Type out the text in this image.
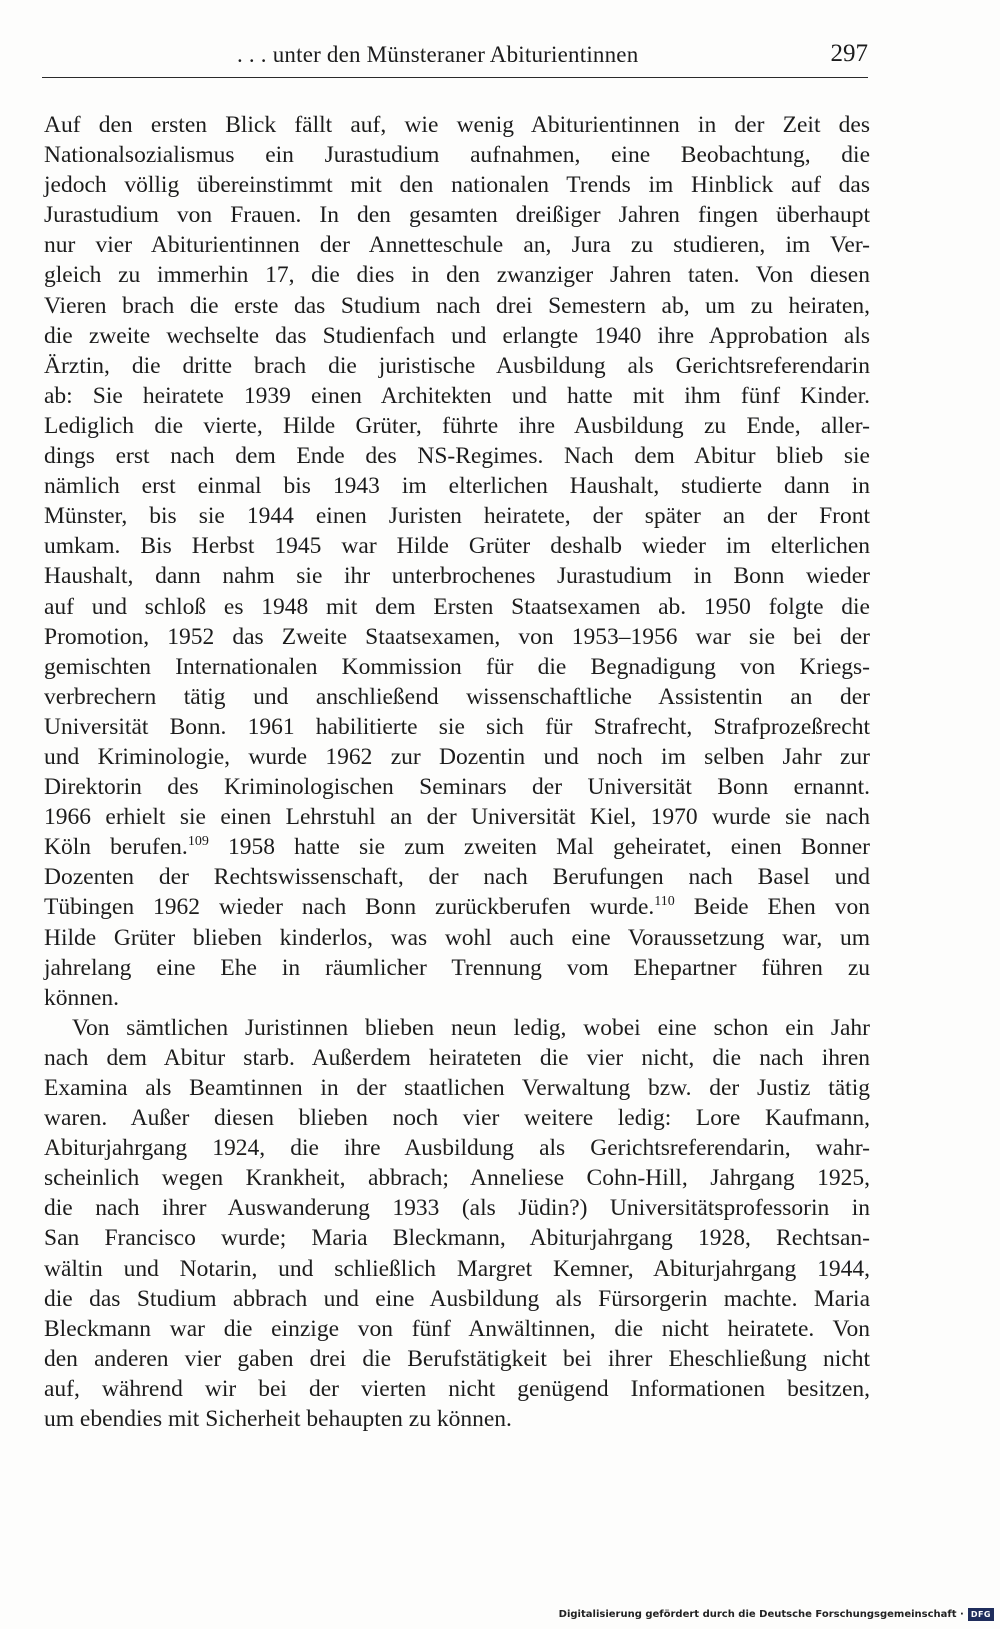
. . . unter den Münsteraner Abiturientinnen	297
Auf den ersten Blick fällt auf, wie wenig Abiturientinnen in der Zeit des
Nationalsozialismus ein Jurastudium aufnahmen, eine Beobachtung, die
jedoch völlig übereinstimmt mit den nationalen Trends im Hinblick auf das
Jurastudium von Frauen. In den gesamten dreißiger Jahren fingen überhaupt
nur vier Abiturientinnen der Annetteschule an, Jura zu studieren, im Ver-
gleich zu immerhin 17, die dies in den zwanziger Jahren taten. Von diesen
Vieren brach die erste das Studium nach drei Semestern ab, um zu heiraten,
die zweite wechselte das Studienfach und erlangte 1940 ihre Approbation als
Ärztin, die dritte brach die juristische Ausbildung als Gerichtsreferendarin
ab: Sie heiratete 1939 einen Architekten und hatte mit ihm fünf Kinder.
Lediglich die vierte, Hilde Grüter, führte ihre Ausbildung zu Ende, aller-
dings erst nach dem Ende des NS-Regimes. Nach dem Abitur blieb sie
nämlich erst einmal bis 1943 im elterlichen Haushalt, studierte dann in
Münster, bis sie 1944 einen Juristen heiratete, der später an der Front
umkam. Bis Herbst 1945 war Hilde Grüter deshalb wieder im elterlichen
Haushalt, dann nahm sie ihr unterbrochenes Jurastudium in Bonn wieder
auf und schloß es 1948 mit dem Ersten Staatsexamen ab. 1950 folgte die
Promotion, 1952 das Zweite Staatsexamen, von 1953–1956 war sie bei der
gemischten Internationalen Kommission für die Begnadigung von Kriegs-
verbrechern tätig und anschließend wissenschaftliche Assistentin an der
Universität Bonn. 1961 habilitierte sie sich für Strafrecht, Strafprozeßrecht
und Kriminologie, wurde 1962 zur Dozentin und noch im selben Jahr zur
Direktorin des Kriminologischen Seminars der Universität Bonn ernannt.
1966 erhielt sie einen Lehrstuhl an der Universität Kiel, 1970 wurde sie nach
Köln berufen.$^{109}$ 1958 hatte sie zum zweiten Mal geheiratet, einen Bonner
Dozenten der Rechtswissenschaft, der nach Berufungen nach Basel und
Tübingen 1962 wieder nach Bonn zurückberufen wurde.$^{110}$ Beide Ehen von
Hilde Grüter blieben kinderlos, was wohl auch eine Voraussetzung war, um
jahrelang eine Ehe in räumlicher Trennung vom Ehepartner führen zu
können.
Von sämtlichen Juristinnen blieben neun ledig, wobei eine schon ein Jahr
nach dem Abitur starb. Außerdem heirateten die vier nicht, die nach ihren
Examina als Beamtinnen in der staatlichen Verwaltung bzw. der Justiz tätig
waren. Außer diesen blieben noch vier weitere ledig: Lore Kaufmann,
Abiturjahrgang 1924, die ihre Ausbildung als Gerichtsreferendarin, wahr-
scheinlich wegen Krankheit, abbrach; Anneliese Cohn-Hill, Jahrgang 1925,
die nach ihrer Auswanderung 1933 (als Jüdin?) Universitätsprofessorin in
San Francisco wurde; Maria Bleckmann, Abiturjahrgang 1928, Rechtsan-
wältin und Notarin, und schließlich Margret Kemner, Abiturjahrgang 1944,
die das Studium abbrach und eine Ausbildung als Fürsorgerin machte. Maria
Bleckmann war die einzige von fünf Anwältinnen, die nicht heiratete. Von
den anderen vier gaben drei die Berufstätigkeit bei ihrer Eheschließung nicht
auf, während wir bei der vierten nicht genügend Informationen besitzen,
um ebendies mit Sicherheit behaupten zu können.
Digitalisierung gefördert durch die Deutsche Forschungsgemeinschaft · DFG
